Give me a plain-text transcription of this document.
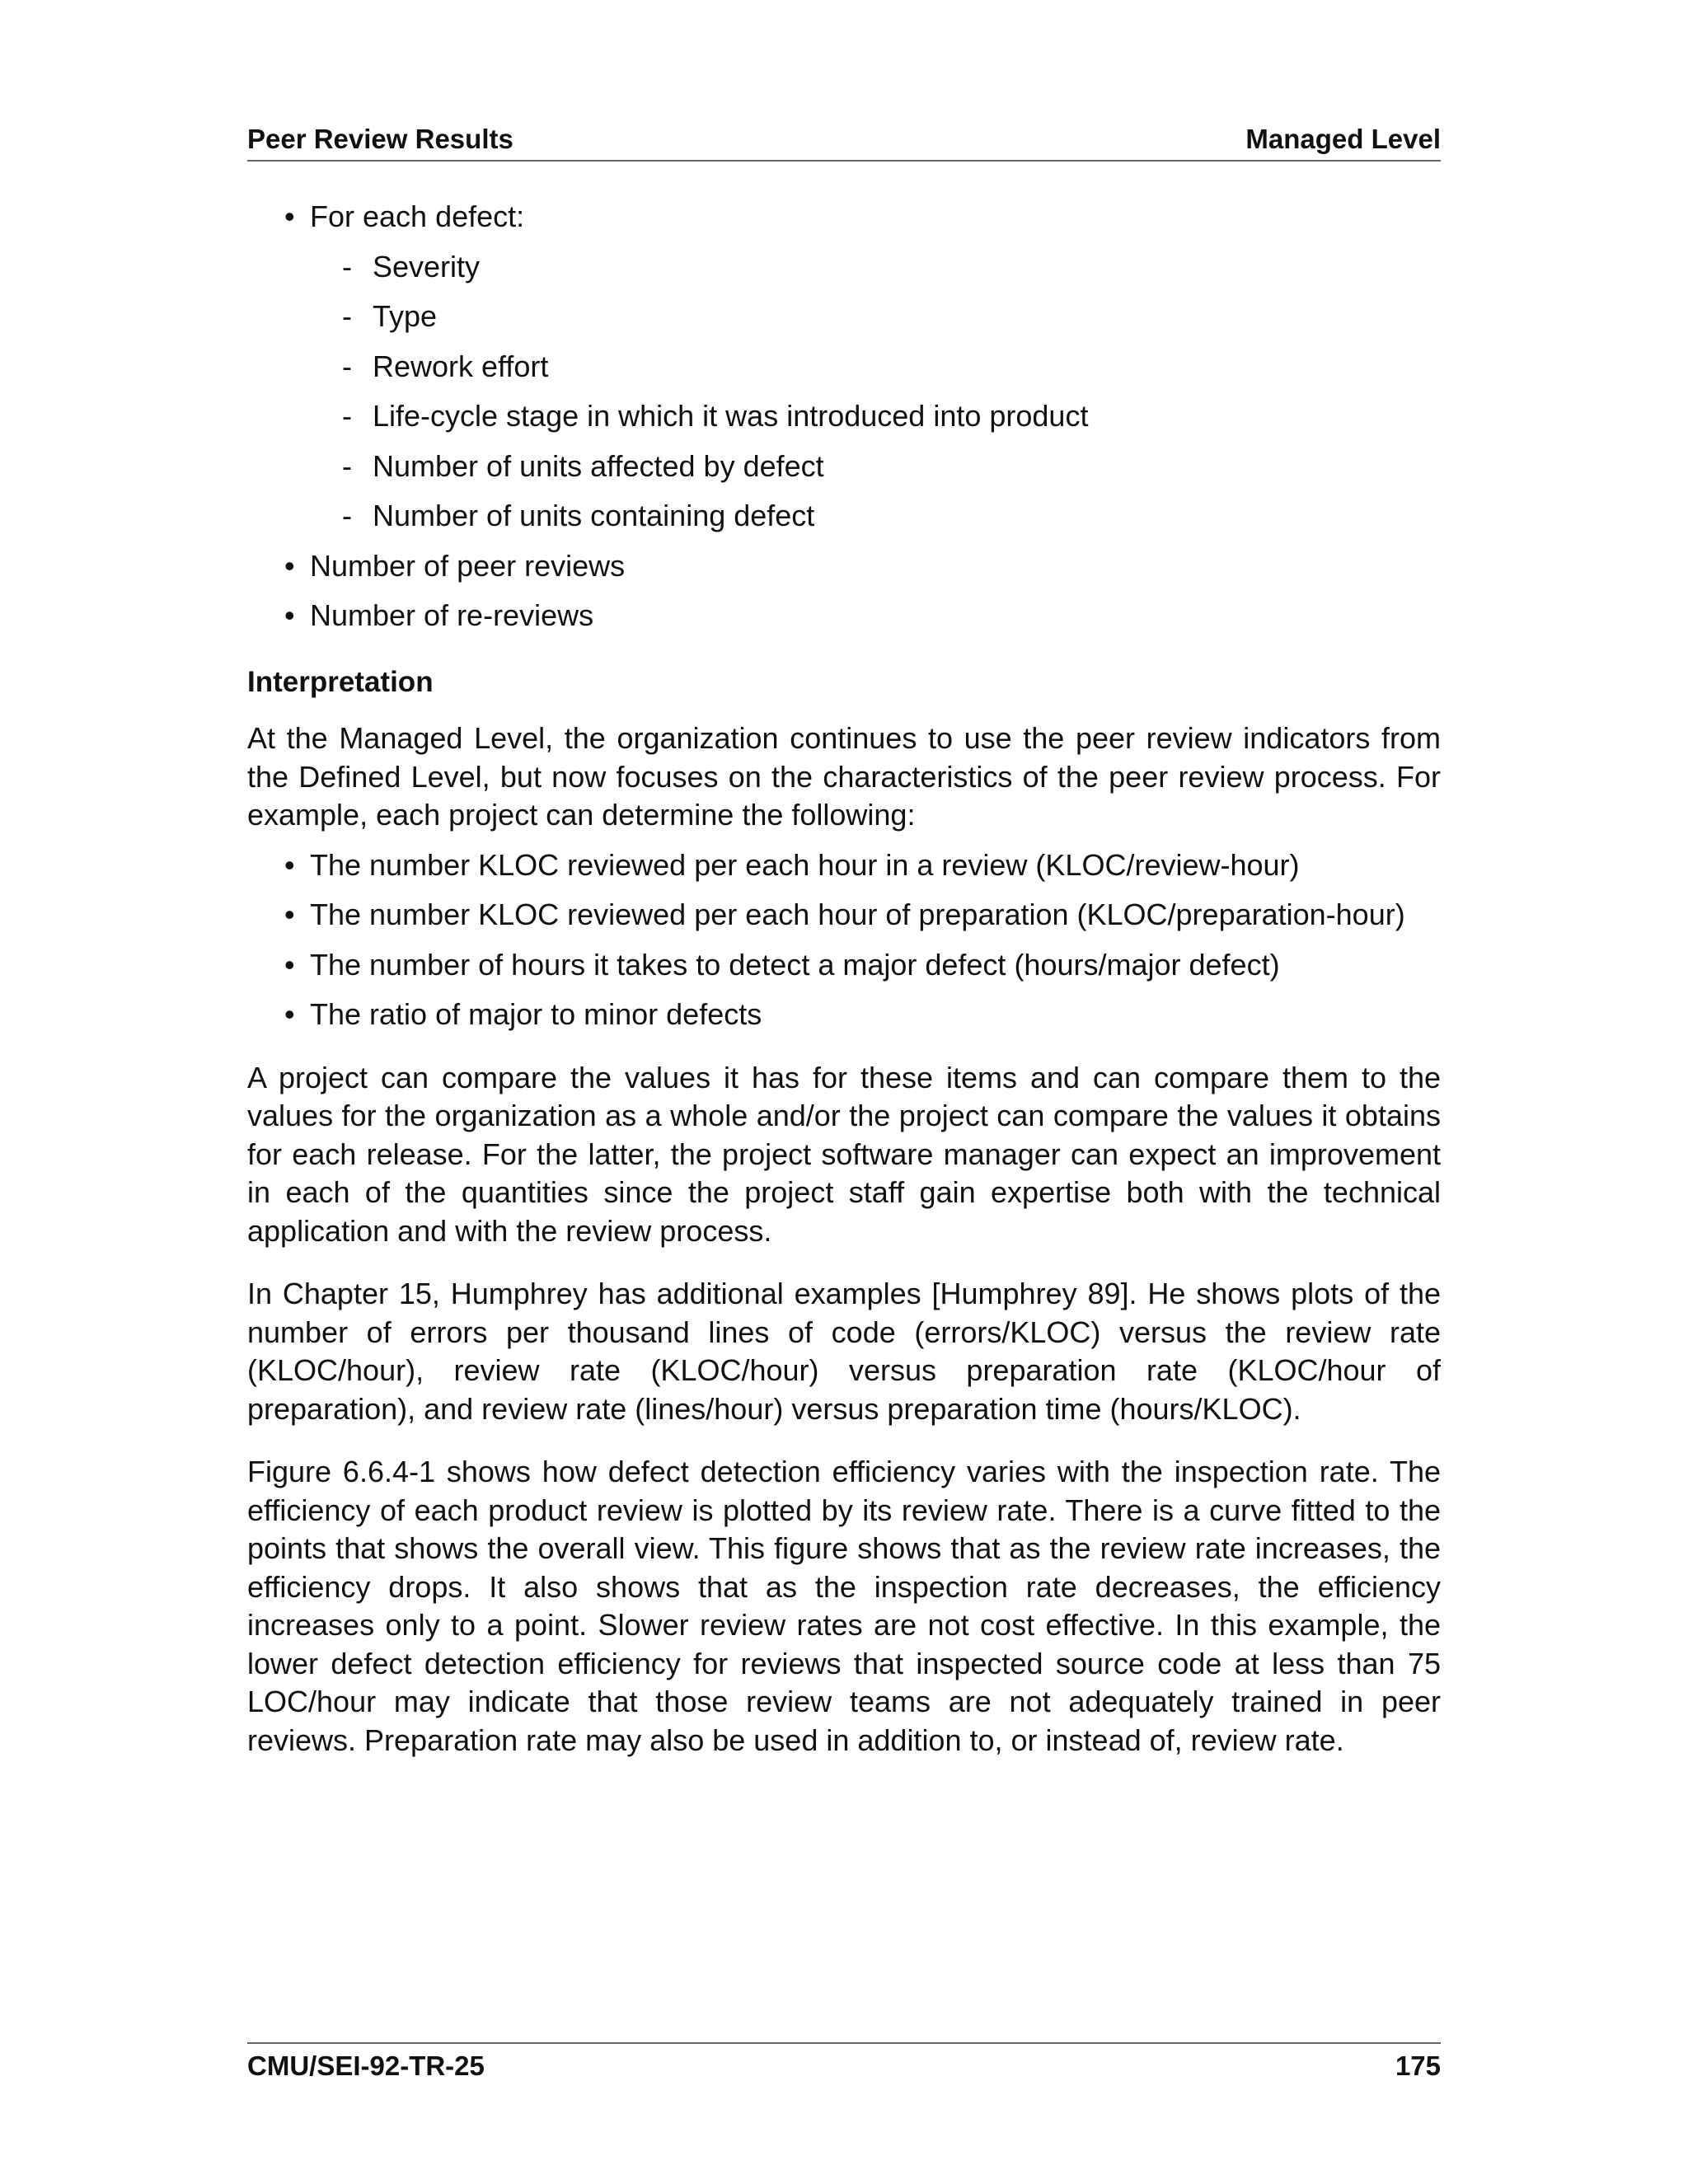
Peer Review Results	Managed Level
• For each defect:
- Severity
- Type
- Rework effort
- Life-cycle stage in which it was introduced into product
- Number of units affected by defect
- Number of units containing defect
• Number of peer reviews
• Number of re-reviews
Interpretation

At the Managed Level, the organization continues to use the peer review indicators from the Defined Level, but now focuses on the characteristics of the peer review process. For example, each project can determine the following:

• The number KLOC reviewed per each hour in a review (KLOC/review-hour)
• The number KLOC reviewed per each hour of preparation (KLOC/preparation-hour)
• The number of hours it takes to detect a major defect (hours/major defect)
• The ratio of major to minor defects

A project can compare the values it has for these items and can compare them to the values for the organization as a whole and/or the project can compare the values it obtains for each release. For the latter, the project software manager can expect an improvement in each of the quantities since the project staff gain expertise both with the technical application and with the review process.

In Chapter 15, Humphrey has additional examples [Humphrey 89]. He shows plots of the number of errors per thousand lines of code (errors/KLOC) versus the review rate (KLOC/hour), review rate (KLOC/hour) versus preparation rate (KLOC/hour of preparation), and review rate (lines/hour) versus preparation time (hours/KLOC).

Figure 6.6.4-1 shows how defect detection efficiency varies with the inspection rate. The efficiency of each product review is plotted by its review rate. There is a curve fitted to the points that shows the overall view. This figure shows that as the review rate increases, the efficiency drops. It also shows that as the inspection rate decreases, the efficiency increases only to a point. Slower review rates are not cost effective. In this example, the lower defect detection efficiency for reviews that inspected source code at less than 75 LOC/hour may indicate that those review teams are not adequately trained in peer reviews. Preparation rate may also be used in addition to, or instead of, review rate.

CMU/SEI-92-TR-25	175
